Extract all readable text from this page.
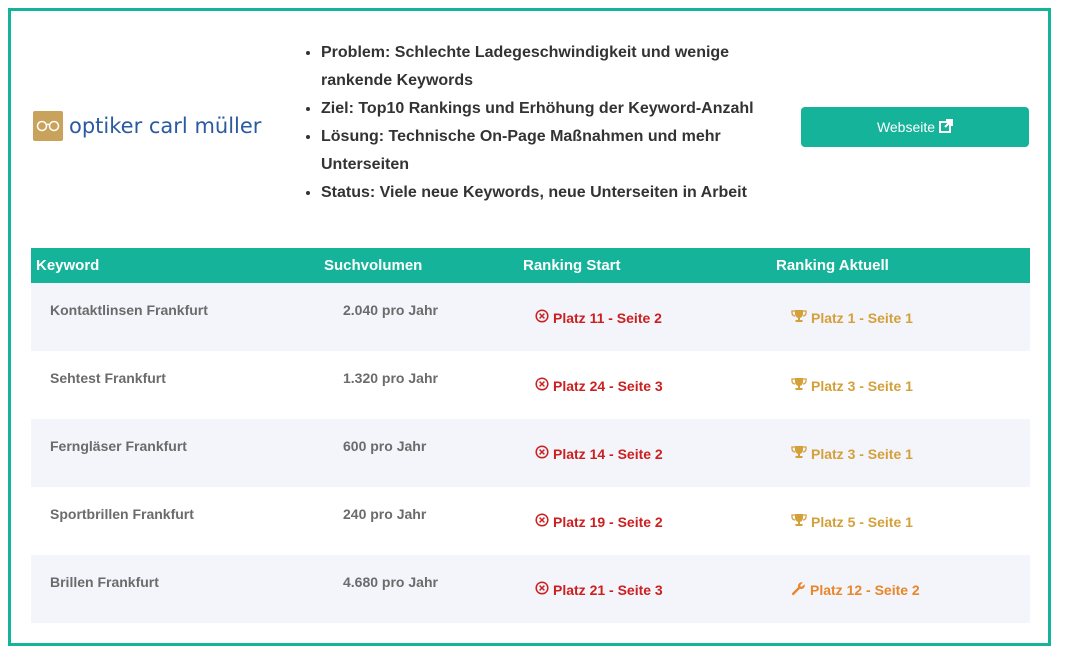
optiker carl müller
• Problem: Schlechte Ladegeschwindigkeit und wenige rankende Keywords
• Ziel: Top10 Rankings und Erhöhung der Keyword-Anzahl
• Lösung: Technische On-Page Maßnahmen und mehr Unterseiten
• Status: Viele neue Keywords, neue Unterseiten in Arbeit
Webseite
Keyword	Suchvolumen	Ranking Start	Ranking Aktuell
Kontaktlinsen Frankfurt	2.040 pro Jahr	Platz 11 - Seite 2	Platz 1 - Seite 1
Sehtest Frankfurt	1.320 pro Jahr	Platz 24 - Seite 3	Platz 3 - Seite 1
Ferngläser Frankfurt	600 pro Jahr	Platz 14 - Seite 2	Platz 3 - Seite 1
Sportbrillen Frankfurt	240 pro Jahr	Platz 19 - Seite 2	Platz 5 - Seite 1
Brillen Frankfurt	4.680 pro Jahr	Platz 21 - Seite 3	Platz 12 - Seite 2
